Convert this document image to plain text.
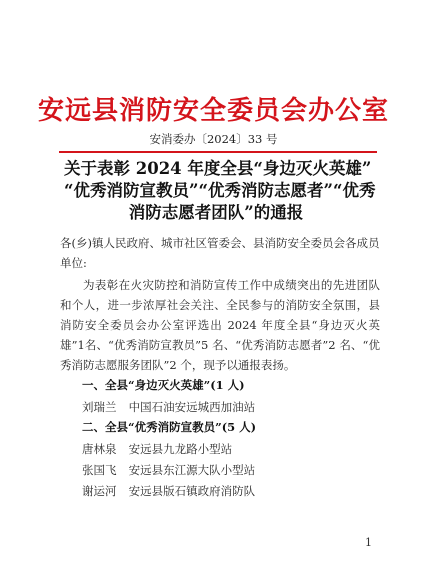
安远县消防安全委员会办公室
安消委办〔2024〕33 号
关于表彰 2024 年度全县“身边灭火英雄”
“优秀消防宣教员”“优秀消防志愿者”“优秀
消防志愿者团队”的通报
各(乡)镇人民政府、城市社区管委会、县消防安全委员会各成员单位:
为表彰在火灾防控和消防宣传工作中成绩突出的先进团队和个人，进一步浓厚社会关注、全民参与的消防安全氛围，县消防安全委员会办公室评选出 2024 年度全县“身边灭火英雄”1名、“优秀消防宣教员”5 名、“优秀消防志愿者”2 名、“优秀消防志愿服务团队”2 个，现予以通报表扬。
一、全县“身边灭火英雄”(1 人)
刘瑞兰 中国石油安远城西加油站
二、全县“优秀消防宣教员”(5 人)
唐林泉 安远县九龙路小型站
张国飞 安远县东江源大队小型站
谢运河 安远县版石镇政府消防队
1
